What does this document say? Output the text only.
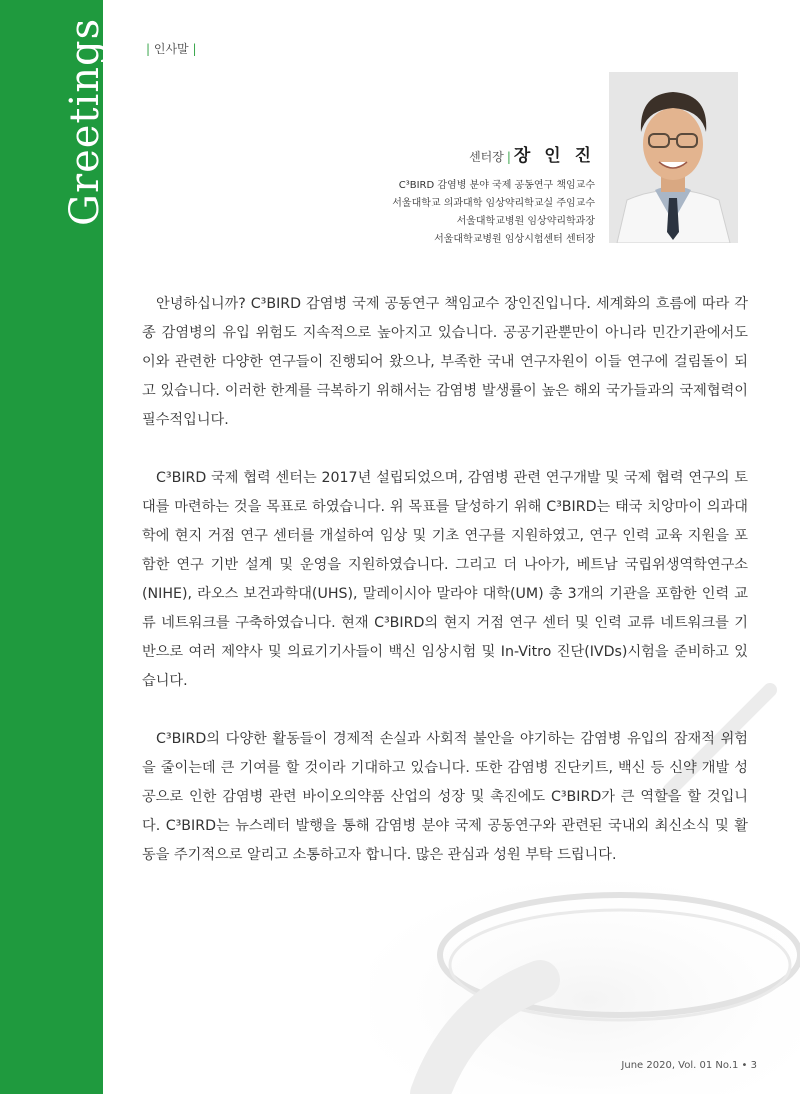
Greetings	| 인사말 |
센터장 | 장 인 진
C³BIRD 감염병 분야 국제 공동연구 책임교수
서울대학교 의과대학 임상약리학교실 주임교수
서울대학교병원 임상약리학과장
서울대학교병원 임상시험센터 센터장

안녕하십니까? C³BIRD 감염병 국제 공동연구 책임교수 장인진입니다. 세계화의 흐름에 따라 각종 감염병의 유입 위험도 지속적으로 높아지고 있습니다. 공공기관뿐만이 아니라 민간기관에서도 이와 관련한 다양한 연구들이 진행되어 왔으나, 부족한 국내 연구자원이 이들 연구에 걸림돌이 되고 있습니다. 이러한 한계를 극복하기 위해서는 감염병 발생률이 높은 해외 국가들과의 국제협력이 필수적입니다.

C³BIRD 국제 협력 센터는 2017년 설립되었으며, 감염병 관련 연구개발 및 국제 협력 연구의 토대를 마련하는 것을 목표로 하였습니다. 위 목표를 달성하기 위해 C³BIRD는 태국 치앙마이 의과대학에 현지 거점 연구 센터를 개설하여 임상 및 기초 연구를 지원하였고, 연구 인력 교육 지원을 포함한 연구 기반 설계 및 운영을 지원하였습니다. 그리고 더 나아가, 베트남 국립위생역학연구소(NIHE), 라오스 보건과학대(UHS), 말레이시아 말라야 대학(UM) 총 3개의 기관을 포함한 인력 교류 네트워크를 구축하였습니다. 현재 C³BIRD의 현지 거점 연구 센터 및 인력 교류 네트워크를 기반으로 여러 제약사 및 의료기기사들이 백신 임상시험 및 In-Vitro 진단(IVDs)시험을 준비하고 있습니다.

C³BIRD의 다양한 활동들이 경제적 손실과 사회적 불안을 야기하는 감염병 유입의 잠재적 위험을 줄이는데 큰 기여를 할 것이라 기대하고 있습니다. 또한 감염병 진단키트, 백신 등 신약 개발 성공으로 인한 감염병 관련 바이오의약품 산업의 성장 및 촉진에도 C³BIRD가 큰 역할을 할 것입니다. C³BIRD는 뉴스레터 발행을 통해 감염병 분야 국제 공동연구와 관련된 국내외 최신소식 및 활동을 주기적으로 알리고 소통하고자 합니다. 많은 관심과 성원 부탁 드립니다.

June 2020, Vol. 01 No.1 • 3
